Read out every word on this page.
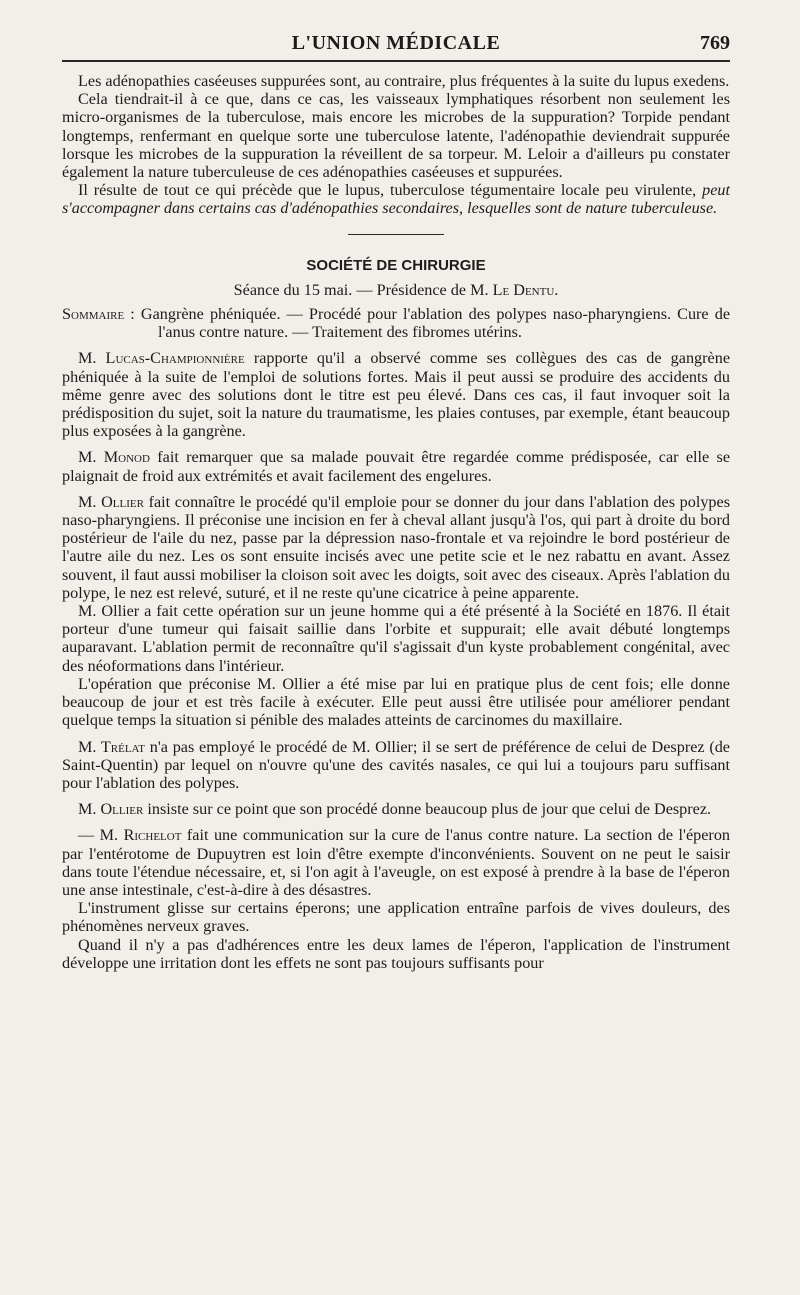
L'UNION MÉDICALE	769

Les adénopathies caséeuses suppurées sont, au contraire, plus fréquentes à la suite du lupus exedens.

Cela tiendrait-il à ce que, dans ce cas, les vaisseaux lymphatiques résorbent non seulement les micro-organismes de la tuberculose, mais encore les microbes de la suppuration? Torpide pendant longtemps, renfermant en quelque sorte une tuberculose latente, l'adénopathie deviendrait suppurée lorsque les microbes de la suppuration la réveillent de sa torpeur. M. Leloir a d'ailleurs pu constater également la nature tuberculeuse de ces adénopathies caséeuses et suppurées.

Il résulte de tout ce qui précède que le lupus, tuberculose tégumentaire locale peu virulente, peut s'accompagner dans certains cas d'adénopathies secondaires, lesquelles sont de nature tuberculeuse.

SOCIÉTÉ DE CHIRURGIE
Séance du 15 mai. — Présidence de M. Le Dentu.

Sommaire : Gangrène phéniquée. — Procédé pour l'ablation des polypes naso-pharyngiens. Cure de l'anus contre nature. — Traitement des fibromes utérins.

M. Lucas-Championnière rapporte qu'il a observé comme ses collègues des cas de gangrène phéniquée à la suite de l'emploi de solutions fortes. Mais il peut aussi se produire des accidents du même genre avec des solutions dont le titre est peu élevé. Dans ces cas, il faut invoquer soit la prédisposition du sujet, soit la nature du traumatisme, les plaies contuses, par exemple, étant beaucoup plus exposées à la gangrène.

M. Monod fait remarquer que sa malade pouvait être regardée comme prédisposée, car elle se plaignait de froid aux extrémités et avait facilement des engelures.

M. Ollier fait connaître le procédé qu'il emploie pour se donner du jour dans l'ablation des polypes naso-pharyngiens. Il préconise une incision en fer à cheval allant jusqu'à l'os, qui part à droite du bord postérieur de l'aile du nez, passe par la dépression naso-frontale et va rejoindre le bord postérieur de l'autre aile du nez. Les os sont ensuite incisés avec une petite scie et le nez rabattu en avant. Assez souvent, il faut aussi mobiliser la cloison soit avec les doigts, soit avec des ciseaux. Après l'ablation du polype, le nez est relevé, suturé, et il ne reste qu'une cicatrice à peine apparente.

M. Ollier a fait cette opération sur un jeune homme qui a été présenté à la Société en 1876. Il était porteur d'une tumeur qui faisait saillie dans l'orbite et suppurait; elle avait débuté longtemps auparavant. L'ablation permit de reconnaître qu'il s'agissait d'un kyste probablement congénital, avec des néoformations dans l'intérieur.

L'opération que préconise M. Ollier a été mise par lui en pratique plus de cent fois; elle donne beaucoup de jour et est très facile à exécuter. Elle peut aussi être utilisée pour améliorer pendant quelque temps la situation si pénible des malades atteints de carcinomes du maxillaire.

M. Trélat n'a pas employé le procédé de M. Ollier; il se sert de préférence de celui de Desprez (de Saint-Quentin) par lequel on n'ouvre qu'une des cavités nasales, ce qui lui a toujours paru suffisant pour l'ablation des polypes.

M. Ollier insiste sur ce point que son procédé donne beaucoup plus de jour que celui de Desprez.

— M. Richelot fait une communication sur la cure de l'anus contre nature. La section de l'éperon par l'entérotome de Dupuytren est loin d'être exempte d'inconvénients. Souvent on ne peut le saisir dans toute l'étendue nécessaire, et, si l'on agit à l'aveugle, on est exposé à prendre à la base de l'éperon une anse intestinale, c'est-à-dire à des désastres.

L'instrument glisse sur certains éperons; une application entraîne parfois de vives douleurs, des phénomènes nerveux graves.

Quand il n'y a pas d'adhérences entre les deux lames de l'éperon, l'application de l'instrument développe une irritation dont les effets ne sont pas toujours suffisants pour
